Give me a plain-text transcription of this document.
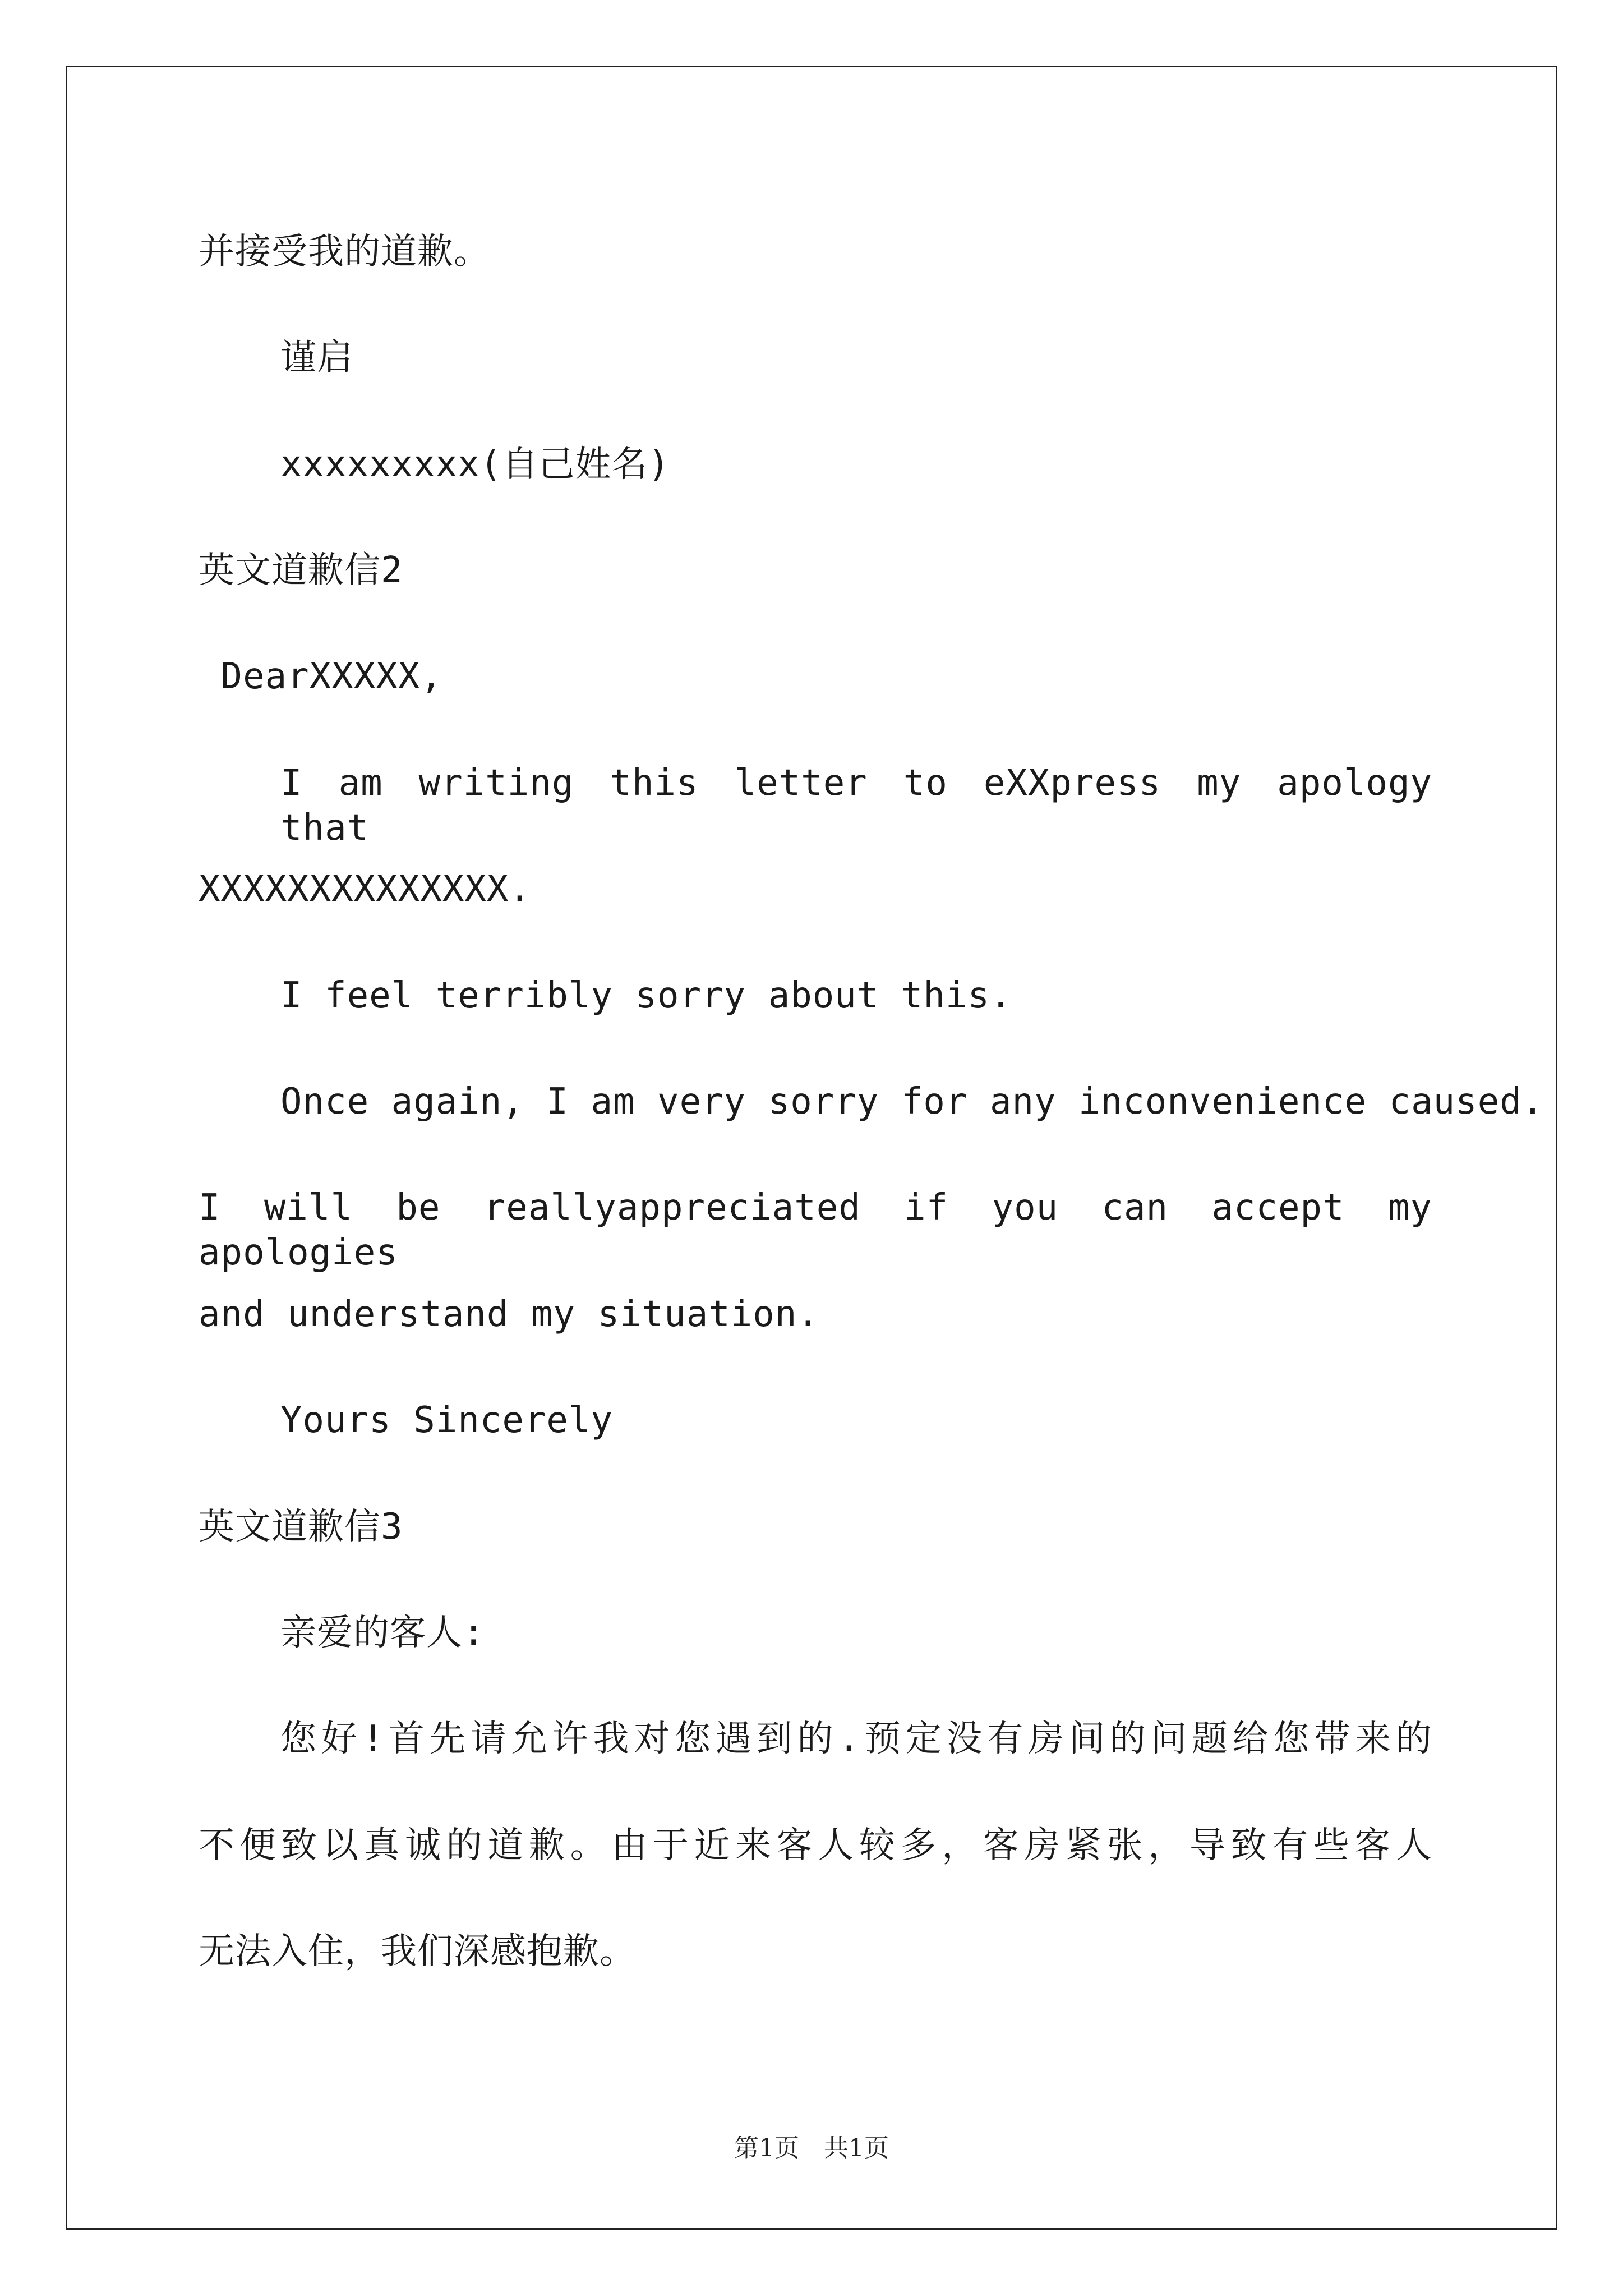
并接受我的道歉。
谨启
xxxxxxxxx(自己姓名)
英文道歉信2
DearXXXXX,
I am writing this letter to eXXpress my apology that
XXXXXXXXXXXXXX.
I feel terribly sorry about this.
Once again, I am very sorry for any inconvenience caused.
I will be reallyappreciated if you can accept my apologies
and understand my situation.
Yours Sincerely
英文道歉信3
亲爱的客人:
您好!首先请允许我对您遇到的.预定没有房间的问题给您带来的
不便致以真诚的道歉。由于近来客人较多，客房紧张，导致有些客人
无法入住，我们深感抱歉。
第1页　共1页
